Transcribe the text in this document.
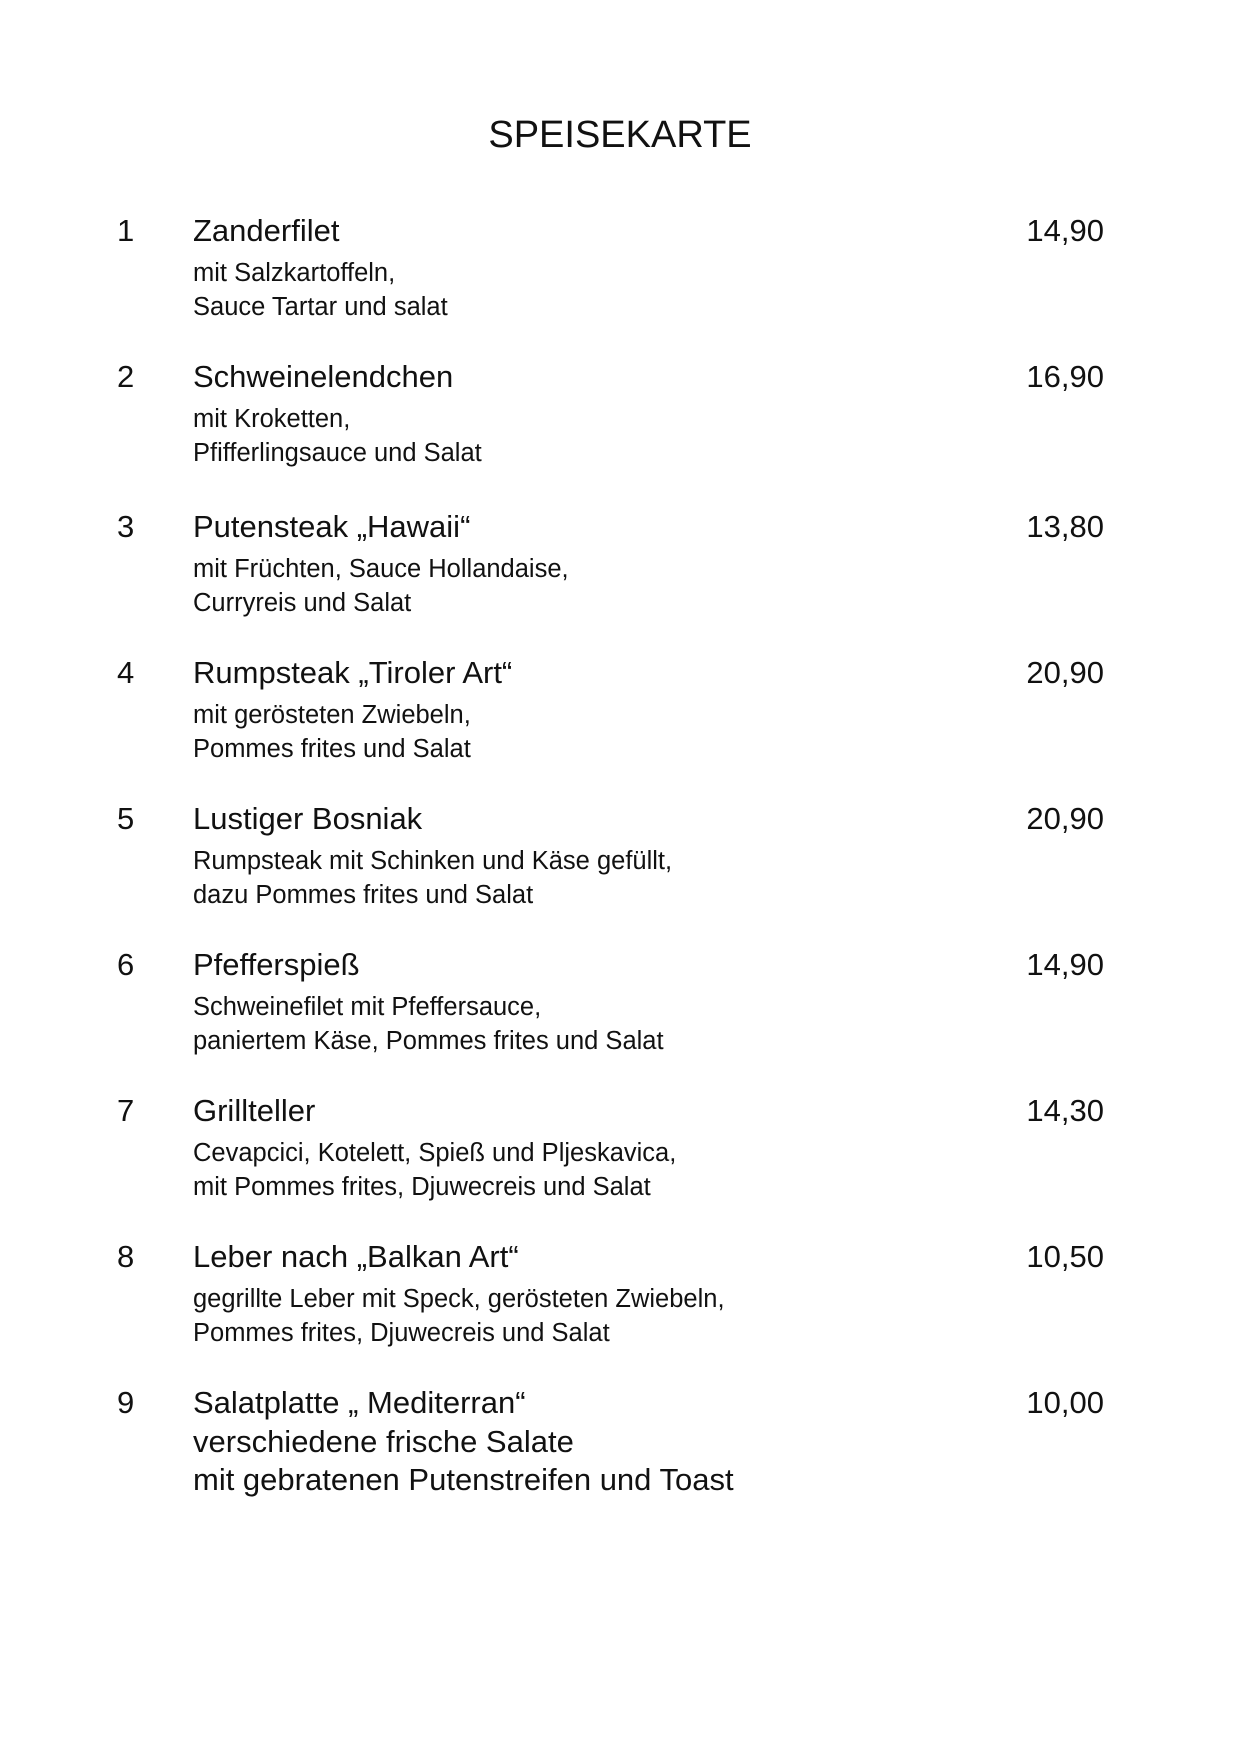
SPEISEKARTE
1 Zanderfilet	14,90
mit Salzkartoffeln,
Sauce Tartar und salat
2 Schweinelendchen	16,90
mit Kroketten,
Pfifferlingsauce und Salat
3 Putensteak „Hawaii“	13,80
mit Früchten, Sauce Hollandaise,
Curryreis und Salat
4 Rumpsteak „Tiroler Art“	20,90
mit gerösteten Zwiebeln,
Pommes frites und Salat
5 Lustiger Bosniak	20,90
Rumpsteak mit Schinken und Käse gefüllt,
dazu Pommes frites und Salat
6 Pfefferspieß	14,90
Schweinefilet mit Pfeffersauce,
paniertem Käse, Pommes frites und Salat
7 Grillteller	14,30
Cevapcici, Kotelett, Spieß und Pljeskavica,
mit Pommes frites, Djuwecreis und Salat
8 Leber nach „Balkan Art“	10,50
gegrillte Leber mit Speck, gerösteten Zwiebeln,
Pommes frites, Djuwecreis und Salat
9 Salatplatte „ Mediterran“	10,00
verschiedene frische Salate
mit gebratenen Putenstreifen und Toast
